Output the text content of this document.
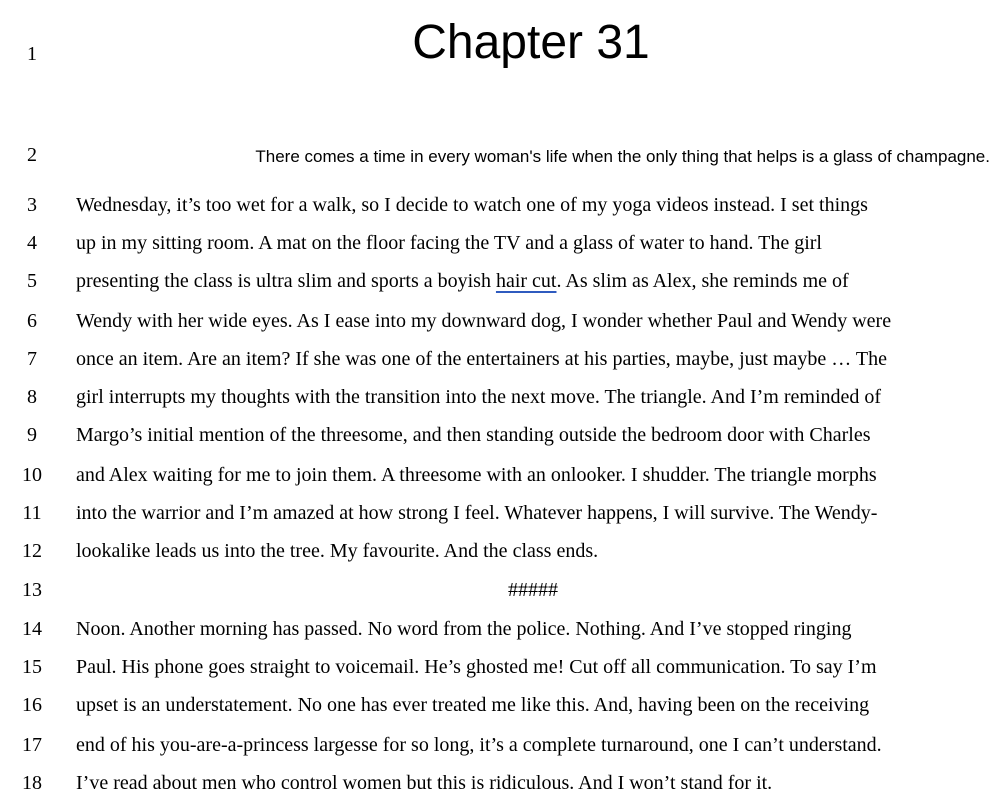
1	Chapter 31
2	There comes a time in every woman's life when the only thing that helps is a glass of champagne.
3	Wednesday, it’s too wet for a walk, so I decide to watch one of my yoga videos instead. I set things
4	up in my sitting room. A mat on the floor facing the TV and a glass of water to hand. The girl
5	presenting the class is ultra slim and sports a boyish hair cut. As slim as Alex, she reminds me of
6	Wendy with her wide eyes. As I ease into my downward dog, I wonder whether Paul and Wendy were
7	once an item. Are an item? If she was one of the entertainers at his parties, maybe, just maybe … The
8	girl interrupts my thoughts with the transition into the next move. The triangle. And I’m reminded of
9	Margo’s initial mention of the threesome, and then standing outside the bedroom door with Charles
10	and Alex waiting for me to join them. A threesome with an onlooker. I shudder. The triangle morphs
11	into the warrior and I’m amazed at how strong I feel. Whatever happens, I will survive. The Wendy-
12	lookalike leads us into the tree. My favourite. And the class ends.
13	#####
14	Noon. Another morning has passed. No word from the police. Nothing. And I’ve stopped ringing
15	Paul. His phone goes straight to voicemail. He’s ghosted me! Cut off all communication. To say I’m
16	upset is an understatement. No one has ever treated me like this. And, having been on the receiving
17	end of his you-are-a-princess largesse for so long, it’s a complete turnaround, one I can’t understand.
18	I’ve read about men who control women but this is ridiculous. And I won’t stand for it.
